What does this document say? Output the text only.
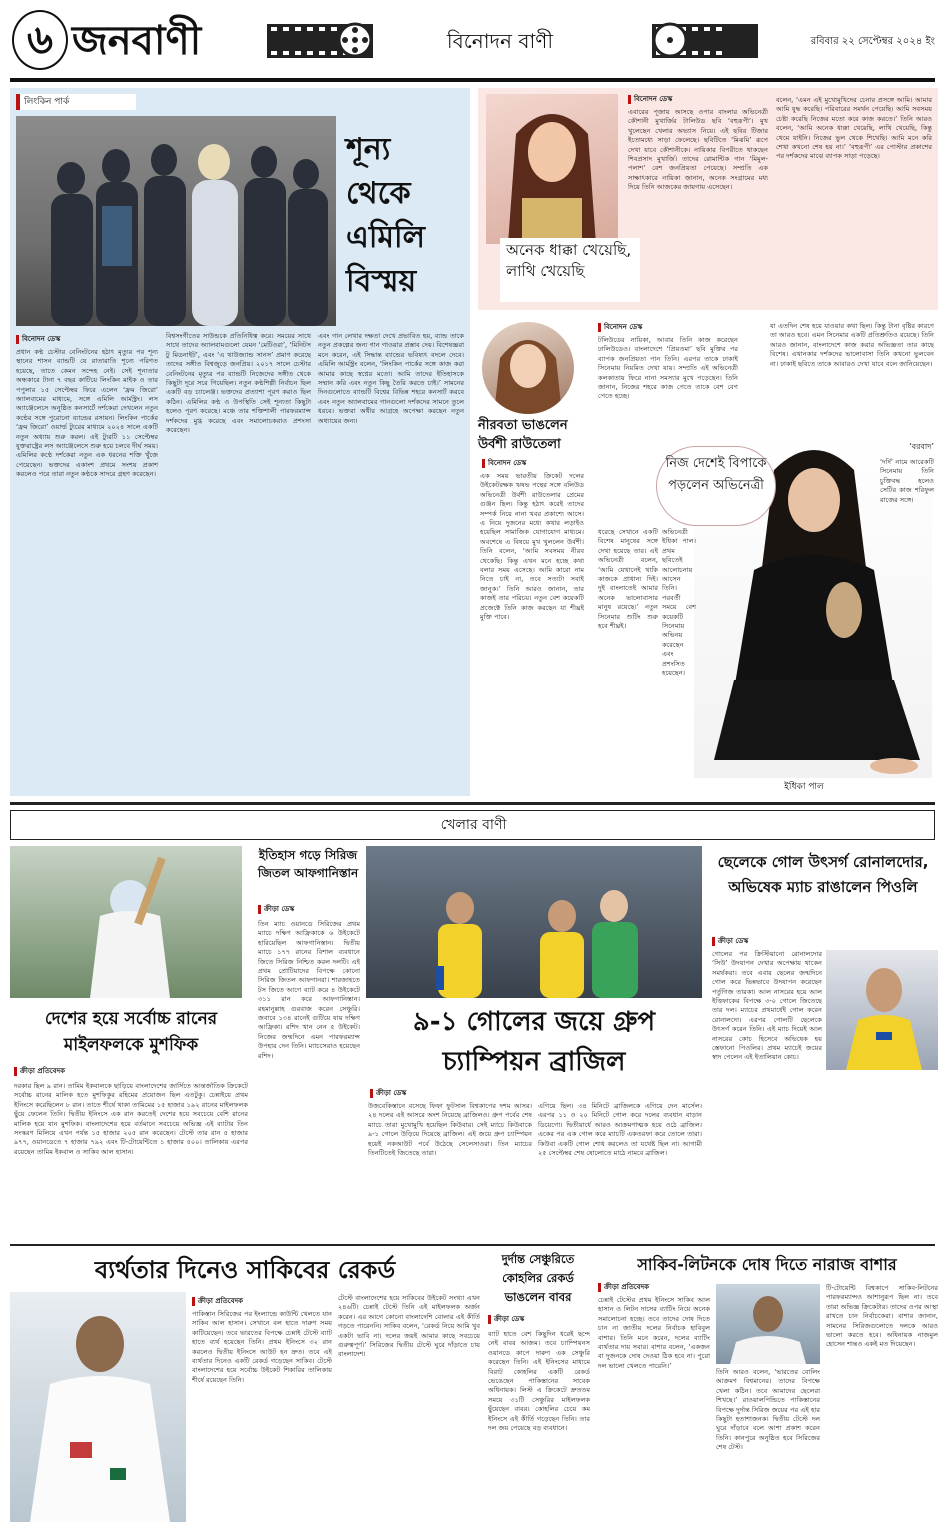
৬ জনবাণী	বিনোদন বাণী	রবিবার ২২ সেপ্টেম্বর ২০২৪ ইং
লিংকিন পার্ক
শূন্য
থেকে
এমিলি
বিস্ময়
বিনোদন ডেস্ক
প্রধান কণ্ঠ চেস্টার বেনিংটনের হঠাৎ মৃত্যুর পর শূন্য স্থানের শাসন ব্যান্ডটি যে রাতারাতি শূন্যে পরিণত হয়েছে, তাতে কেমন সন্দেহ নেই। সেই শূন্যতার অন্ধকারে টানা ৭ বছর কাটিয়ে লিংকিন মাইক ও তার পপুলার ১৫ সেপ্টেম্বর ফিরে এলেন ‘ফ্রম জিরো’ অ্যালবামের মাধ্যমে, সঙ্গে এমিলি আর্মস্ট্রং। লস অ্যাঞ্জেলেসে অনুষ্ঠিত কনসার্টে দর্শকেরা দেখলেন নতুন কণ্ঠের সঙ্গে পুরোনো ব্যান্ডের রসায়ন। লিংকিন পার্কের ‘ফ্রম জিরো’ ওয়ার্ল্ড ট্যুরের মাধ্যমে ২০২৪ সালে একটি নতুন অধ্যায় শুরু করল। এই ট্যুরটি ১১ সেপ্টেম্বর যুক্তরাষ্ট্রের লস অ্যাঞ্জেলেসে শুরু হয়ে চলবে দীর্ঘ সময়। এমিলির কণ্ঠে দর্শকেরা নতুন এক ধরনের শক্তি খুঁজে পেয়েছেন। ভক্তদের একাংশ প্রথমে সংশয় প্রকাশ করলেও পরে তারা নতুন কণ্ঠকে সাদরে গ্রহণ করেছেন।
বিশ্বসংগীতের সাউন্ডকে প্রতিনিধিত্ব করে। সময়ের সাথে সাথে তাদের অ্যালবামগুলো যেমন ‘মেটিওরা’, ‘মিনিটস টু মিডনাইট’, এবং ‘এ থাউজ্যান্ড সানস’ প্রমাণ করেছে তাদের সঙ্গীত বিশ্বজুড়ে জনপ্রিয়। ২০১৭ সালে চেস্টার বেনিংটনের মৃত্যুর পর ব্যান্ডটি নিজেদের সঙ্গীত থেকে কিছুটা দূরে সরে গিয়েছিল। নতুন কণ্ঠশিল্পী নির্বাচন ছিল একটি বড় চ্যালেঞ্জ। ভক্তদের প্রত্যাশা পূরণ করাও ছিল কঠিন। এমিলির কণ্ঠ ও উপস্থিতি সেই শূন্যতা কিছুটা হলেও পূরণ করেছে। মঞ্চে তার শক্তিশালী পারফরম্যান্স দর্শকদের মুগ্ধ করেছে এবং সমালোচকরাও প্রশংসা করেছেন।
এবং গান লেখার দক্ষতা দেখে প্রভাবিত হয়, ব্যান্ড তাকে নতুন প্রকল্পের জন্য গান গাওয়ার প্রস্তাব দেয়। বিশেষজ্ঞরা মনে করেন, এই সিদ্ধান্ত ব্যান্ডের ভবিষ্যৎ বদলে দেবে। এমিলি আর্মস্ট্রং বলেন, ‘লিংকিন পার্কের সঙ্গে কাজ করা আমার কাছে স্বপ্নের মতো। আমি তাদের ইতিহাসকে সম্মান করি এবং নতুন কিছু তৈরি করতে চাই।’ সামনের দিনগুলোতে ব্যান্ডটি বিশ্বের বিভিন্ন শহরে কনসার্ট করবে এবং নতুন অ্যালবামের গানগুলো দর্শকদের সামনে তুলে ধরবে। ভক্তরা অধীর আগ্রহে অপেক্ষা করছেন নতুন অধ্যায়ের জন্য।
অনেক ধাক্কা খেয়েছি, লাথি খেয়েছি
বিনোদন ডেস্ক
এবারের পূজায় আসছে ওপার বাংলার অভিনেত্রী কৌশানী মুখার্জির টালিউড ছবি ‘বহুরূপী’। মুখ খুলেছেন খেলার অভ্যাস নিয়ে। এই ছবির টিজার ইতোমধ্যে সাড়া ফেলেছে। ছবিটিতে ‘মিঝমি’ রূপে দেখা যাবে কৌশানীকে। নায়িকার বিপরীতে থাকছেন শিবপ্রসাদ মুখার্জি। তাদের রোমান্টিক গান ‘মিমুল-পলাশ’ বেশ জনপ্রিয়তা পেয়েছে। সম্প্রতি এক সাক্ষাৎকারে নায়িকা জানান, অনেক সংগ্রামের মধ্য দিয়ে তিনি আজকের জায়গায় এসেছেন।
বলেন, ‘এমন এই মুখোমুখিদের চেনার প্রসঙ্গে আমি। আমার আমি যুদ্ধ করেছি। পরিবারের সমর্থন পেয়েছি। আমি সবসময় চেষ্টা করেছি নিজের মতো করে কাজ করতে।’ তিনি আরও বলেন, ‘আমি অনেক ধাক্কা খেয়েছি, লাথি খেয়েছি, কিন্তু থেমে যাইনি। নিজের ভুল থেকে শিখেছি। আমি মনে করি শেখা কখনো শেষ হয় না।’ ‘বহুরূপী’ এর পোস্টার প্রকাশের পর দর্শকদের মাঝে ব্যাপক সাড়া পড়েছে।
নীরবতা ভাঙলেন উর্বশী রাউতেলা
বিনোদন ডেস্ক
এক সময় ভারতীয় ক্রিকেট দলের উইকেটরক্ষক ঋষভ পন্থের সঙ্গে বলিউড অভিনেত্রী উর্বশী রাউতেলার প্রেমের গুঞ্জন ছিল। কিন্তু হঠাৎ করেই তাদের সম্পর্ক নিয়ে নানা খবর প্রকাশ্যে আসে। এ নিয়ে দুজনের মধ্যে কথার লড়াইও হয়েছিল সামাজিক যোগাযোগ মাধ্যমে। অবশেষে এ বিষয়ে মুখ খুললেন উর্বশী। তিনি বলেন, ‘আমি সবসময় নীরব থেকেছি। কিন্তু এখন মনে হচ্ছে কথা বলার সময় এসেছে। আমি কারো নাম নিতে চাই না, তবে সত্যটা সবাই জানুক।’ তিনি আরও জানান, তার কাজই তার পরিচয়। নতুন বেশ কয়েকটি প্রজেক্টে তিনি কাজ করছেন যা শীঘ্রই মুক্তি পাবে।
বিনোদন ডেস্ক
টলিউডের নায়িকা, আবার তিনি কাজ করেছেন ঢালিউডেও। বাংলাদেশে ‘প্রিয়তমা’ ছবি মুক্তির পর ব্যাপক জনপ্রিয়তা পান তিনি। এরপর তাকে ঢাকাই সিনেমায় নিয়মিত দেখা যায়। সম্প্রতি এই অভিনেত্রী কলকাতায় ফিরে নানা সমস্যার মুখে পড়েছেন। তিনি জানান, নিজের শহরে কাজ পেতে তাকে বেশ বেগ পেতে হচ্ছে।
যা এতদিন শেষ হয়ে যাওয়ার কথা ছিল। কিন্তু টানা বৃষ্টির কারণে তা আরও হবে। এমন সিনেমার একটি প্রতিশ্রুতিও রয়েছে। তিনি আরও জানান, বাংলাদেশে কাজ করার অভিজ্ঞতা তার কাছে বিশেষ। এখানকার দর্শকদের ভালোবাসা তিনি কখনো ভুলবেন না। ঢাকাই ছবিতে তাকে আবারও দেখা যাবে বলে জানিয়েছেন।
নিজ দেশেই বিপাকে পড়লেন অভিনেত্রী
ধরেছে সেখানে একটি বিশেষ মানুষের সঙ্গে দেখা হয়েছে তার। এই অভিনেত্রী বলেন, ‘আমি যেখানেই থাকি কাজকে প্রাধান্য দিই। দুই বাংলাতেই আমার অনেক ভালোবাসার মানুষ রয়েছে।’ নতুন সিনেমার শুটিং শুরু হবে শীঘ্রই।
অভিনেত্রী ইধিকা পাল। প্রথম ছবিতেই আলোচনায় আসেন তিনি। পরবর্তী সময়ে বেশ কয়েকটি সিনেমায় অভিনয় করেছেন এবং প্রশংসিত হয়েছেন।
‘বরবাদ’
‘দর্দি’ নামে আরেকটি সিনেমায় তিনি চুক্তিবদ্ধ হলেও সেটির কাজ শরিফুল রাজের সঙ্গে।
ইধিকা পাল
খেলার বাণী
দেশের হয়ে সর্বোচ্চ রানের মাইলফলকে মুশফিক
ক্রীড়া প্রতিবেদক
দরকার ছিল ৯ রান। তামিম ইকবালকে ছাড়িয়ে বাংলাদেশের জার্সিতে আন্তর্জাতিক ক্রিকেটে সর্বোচ্চ রানের মালিক হতে মুশফিকুর রহিমের প্রয়োজন ছিল এতটুকু। চেন্নাইয়ে প্রথম ইনিংসে করেছিলেন ৮ রান। তাতে শীর্ষে থাকা তামিমের ১৫ হাজার ১৯২ রানের মাইলফলক ছুঁয়ে ফেলেন তিনি। দ্বিতীয় ইনিংসে এক রান করতেই দেশের হয়ে সবচেয়ে বেশি রানের মালিক হয়ে যান মুশফিক। বাংলাদেশের হয়ে বর্তমানে সবচেয়ে অভিজ্ঞ এই ব্যাটার তিন সংস্করণ মিলিয়ে এখন পর্যন্ত ১৫ হাজার ২০৫ রান করেছেন। টেস্টে তার রান ৫ হাজার ৯৭৭, ওয়ানডেতে ৭ হাজার ৭৯২ এবং টি-টোয়েন্টিতে ১ হাজার ৫০০। তালিকায় এরপর রয়েছেন তামিম ইকবাল ও সাকিব আল হাসান।
ইতিহাস গড়ে সিরিজ জিতল আফগানিস্তান
ক্রীড়া ডেস্ক
তিন ম্যাচ ওয়ানডে সিরিজের প্রথম ম্যাচে দক্ষিণ আফ্রিকাকে ৬ উইকেটে হারিয়েছিল আফগানিস্তান। দ্বিতীয় ম্যাচে ১৭৭ রানের বিশাল ব্যবধানে জিতে সিরিজ নিশ্চিত করল দলটি। এই প্রথম প্রোটিয়াদের বিপক্ষে কোনো সিরিজ জিতল আফগানরা। শারজাহতে টস জিতে আগে ব্যাট করে ৪ উইকেটে ৩১১ রান করে আফগানিস্তান। রহমানুল্লাহ গুরবাজ করেন সেঞ্চুরি। জবাবে ১৩৪ রানেই গুটিয়ে যায় দক্ষিণ আফ্রিকা। রশিদ খান নেন ৫ উইকেট। নিজের জন্মদিনে এমন পারফরম্যান্স উপহার দেন তিনি। ম্যাচসেরাও হয়েছেন রশিদ।
৯-১ গোলের জয়ে গ্রুপ চ্যাম্পিয়ন ব্রাজিল
ক্রীড়া ডেস্ক
উজবেকিস্তানে বসেছে ফিফা ফুটসাল বিশ্বকাপের দশম আসর। ২৪ দলের এই আসরে অংশ নিয়েছে ব্রাজিলও। গ্রুপ পর্বের শেষ ম্যাচে তারা মুখোমুখি হয়েছিল কিউবার। সেই ম্যাচে কিউবাকে ৯-১ গোলে উড়িয়ে দিয়েছে ব্রাজিল। এই জয়ে গ্রুপ চ্যাম্পিয়ন হয়েই নকআউট পর্বে উঠেছে সেলেসাওরা। তিন ম্যাচের তিনটিতেই জিতেছে তারা।
এগিয়ে ছিল। ৩৪ মিনিটে ব্রাজিলকে এগিয়ে দেন মার্সেল। এরপর ১১ ও ২০ মিনিটে গোল করে দলের ব্যবধান বাড়ান ডিয়েগো। দ্বিতীয়ার্ধে আরও আক্রমণাত্মক হয়ে ওঠে ব্রাজিল। একের পর এক গোল করে ম্যাচটি একতরফা করে তোলে তারা। কিউবা একটি গোল শোধ করলেও তা যথেষ্ট ছিল না। আগামী ২৫ সেপ্টেম্বর শেষ ষোলোতে মাঠে নামবে ব্রাজিল।
ছেলেকে গোল উৎসর্গ রোনালদোর, অভিষেক ম্যাচ রাঙালেন পিওলি
ক্রীড়া ডেস্ক
গোলের পর ক্রিস্টিয়ানো রোনালদোর ‘সিউ’ উদযাপন দেখার অপেক্ষায় থাকেন সমর্থকরা। তবে এবার ছেলের জন্মদিনে গোল করে ভিন্নভাবে উদযাপন করেছেন পর্তুগিজ তারকা। আল নাসরের হয়ে আল ইত্তিফাকের বিপক্ষে ৩-০ গোলে জিতেছে তার দল। ম্যাচের প্রথমার্ধেই গোল করেন রোনালদো। এরপর গোলটি ছেলেকে উৎসর্গ করেন তিনি। এই ম্যাচ দিয়েই আল নাসরের কোচ হিসেবে অভিষেক হয় স্তেফানো পিওলির। প্রথম ম্যাচেই জয়ের স্বাদ পেলেন এই ইতালিয়ান কোচ।
ব্যর্থতার দিনেও সাকিবের রেকর্ড
ক্রীড়া প্রতিবেদক
পাকিস্তান সিরিজের পর ইংল্যান্ডে কাউন্টি খেলতে যান সাকিব আল হাসান। সেখানে বল হাতে দারুণ সময় কাটিয়েছেন। তবে ভারতের বিপক্ষে চেন্নাই টেস্টে ব্যাট হাতে ব্যর্থ হয়েছেন তিনি। প্রথম ইনিংসে ৩২ রান করলেও দ্বিতীয় ইনিংসে আউট হন দ্রুত। তবে এই ব্যর্থতার দিনেও একটি রেকর্ড গড়েছেন সাকিব। টেস্টে বাংলাদেশের হয়ে সর্বোচ্চ উইকেট শিকারির তালিকায় শীর্ষে রয়েছেন তিনি।
টেস্টে বাংলাদেশের হয়ে সাকিবের উইকেট সংখ্যা এখন ২৪৬টি। চেন্নাই টেস্টে তিনি এই মাইলফলক অর্জন করেন। এর আগে কোনো বাংলাদেশি বোলার এই কীর্তি গড়তে পারেননি। সাকিব বলেন, ‘রেকর্ড নিয়ে আমি খুব একটা ভাবি না। দলের জয়ই আমার কাছে সবচেয়ে গুরুত্বপূর্ণ।’ সিরিজের দ্বিতীয় টেস্টে ঘুরে দাঁড়াতে চায় বাংলাদেশ।
দুর্দান্ত সেঞ্চুরিতে কোহলির রেকর্ড ভাঙলেন বাবর
ক্রীড়া ডেস্ক
ব্যাট হাতে বেশ কিছুদিন ধরেই ছন্দে নেই বাবর আজম। তবে চ্যাম্পিয়নস ওয়ানডে কাপে দারুণ এক সেঞ্চুরি করেছেন তিনি। এই ইনিংসের মাধ্যমে বিরাট কোহলির একটি রেকর্ড ভেঙেছেন পাকিস্তানের সাবেক অধিনায়ক। লিস্ট এ ক্রিকেটে দ্রুততম সময়ে ৩১টি সেঞ্চুরির মাইলফলক ছুঁয়েছেন বাবর। কোহলির চেয়ে কম ইনিংসে এই কীর্তি গড়েছেন তিনি। তার দল জয় পেয়েছে বড় ব্যবধানে।
সাকিব-লিটনকে দোষ দিতে নারাজ বাশার
ক্রীড়া প্রতিবেদক
চেন্নাই টেস্টের প্রথম ইনিংসে সাকিব আল হাসান ও লিটন দাসের ব্যাটিং নিয়ে অনেক সমালোচনা হচ্ছে। তবে তাদের দোষ দিতে চান না জাতীয় দলের নির্বাচক হাবিবুল বাশার। তিনি মনে করেন, দলের ব্যাটিং ব্যর্থতার দায় সবার। বাশার বলেন, ‘একজন বা দুজনকে দোষ দেওয়া ঠিক হবে না। পুরো দল ভালো খেলতে পারেনি।’
তিনি আরও বলেন, ‘ভারতের বোলিং আক্রমণ বিশ্বমানের। তাদের বিপক্ষে খেলা কঠিন। তবে আমাদের ছেলেরা শিখছে।’ রাওয়ালপিন্ডিতে পাকিস্তানের বিপক্ষে দুর্দান্ত সিরিজ জয়ের পর এই হার কিছুটা হতাশাজনক। দ্বিতীয় টেস্টে দল ঘুরে দাঁড়াবে বলে আশা প্রকাশ করেন তিনি। কানপুরে অনুষ্ঠিত হবে সিরিজের শেষ টেস্ট।
টি-টোয়েন্টি বিশ্বকাপে সাকিব-লিটনের পারফরম্যান্সও আশানুরূপ ছিল না। তবে তারা অভিজ্ঞ ক্রিকেটার। তাদের ওপর আস্থা রাখতে চান নির্বাচকেরা। বাশার জানান, সামনের সিরিজগুলোতে দলকে আরও ভালো করতে হবে। অধিনায়ক নাজমুল হোসেন শান্তও একই মত দিয়েছেন।
